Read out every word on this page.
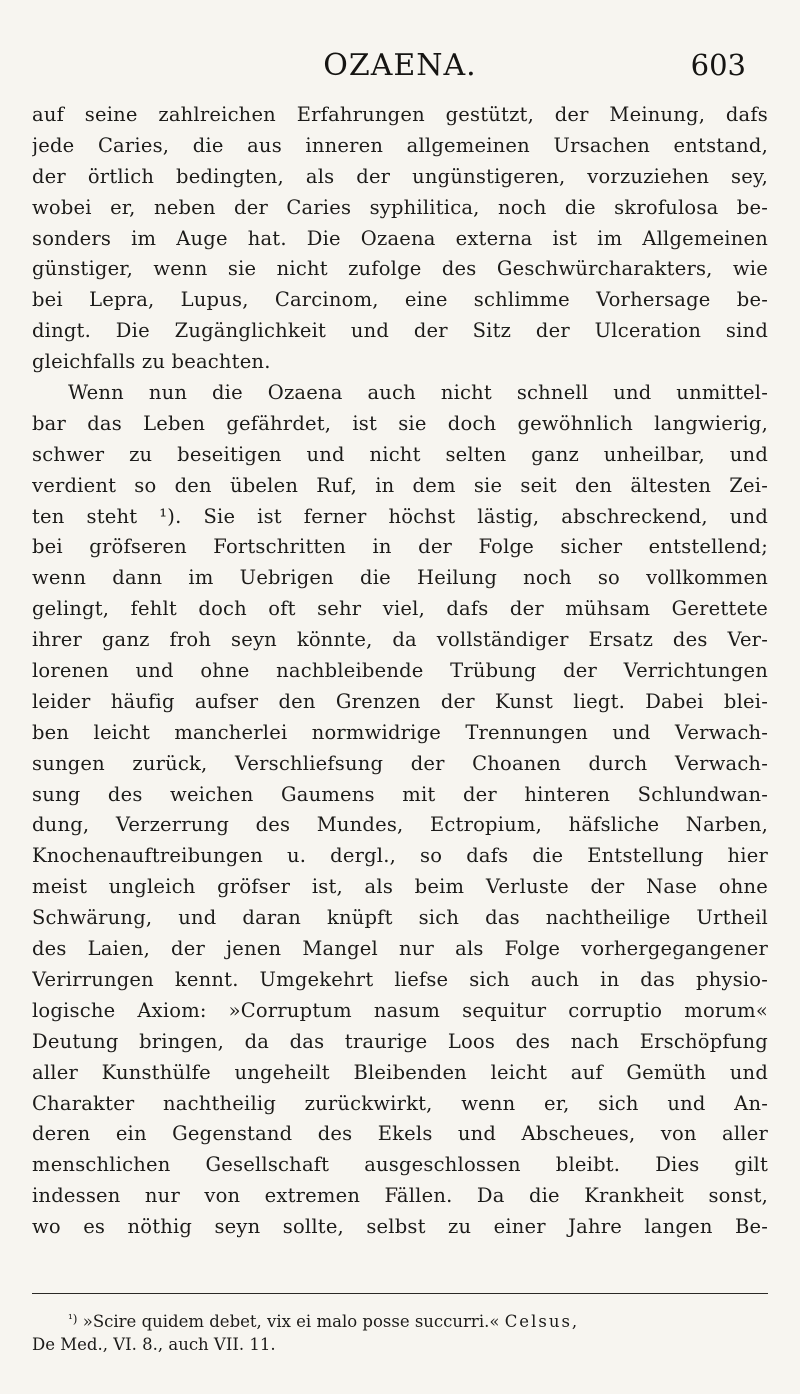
OZAENA.	603
auf seine zahlreichen Erfahrungen gestützt, der Meinung, dafs
jede Caries, die aus inneren allgemeinen Ursachen entstand,
der örtlich bedingten, als der ungünstigeren, vorzuziehen sey,
wobei er, neben der Caries syphilitica, noch die skrofulosa be-
sonders im Auge hat. Die Ozaena externa ist im Allgemeinen
günstiger, wenn sie nicht zufolge des Geschwürcharakters, wie
bei Lepra, Lupus, Carcinom, eine schlimme Vorhersage be-
dingt. Die Zugänglichkeit und der Sitz der Ulceration sind
gleichfalls zu beachten.
Wenn nun die Ozaena auch nicht schnell und unmittel-
bar das Leben gefährdet, ist sie doch gewöhnlich langwierig,
schwer zu beseitigen und nicht selten ganz unheilbar, und
verdient so den übelen Ruf, in dem sie seit den ältesten Zei-
ten steht ¹). Sie ist ferner höchst lästig, abschreckend, und
bei gröfseren Fortschritten in der Folge sicher entstellend;
wenn dann im Uebrigen die Heilung noch so vollkommen
gelingt, fehlt doch oft sehr viel, dafs der mühsam Gerettete
ihrer ganz froh seyn könnte, da vollständiger Ersatz des Ver-
lorenen und ohne nachbleibende Trübung der Verrichtungen
leider häufig aufser den Grenzen der Kunst liegt. Dabei blei-
ben leicht mancherlei normwidrige Trennungen und Verwach-
sungen zurück, Verschliefsung der Choanen durch Verwach-
sung des weichen Gaumens mit der hinteren Schlundwan-
dung, Verzerrung des Mundes, Ectropium, häfsliche Narben,
Knochenauftreibungen u. dergl., so dafs die Entstellung hier
meist ungleich gröfser ist, als beim Verluste der Nase ohne
Schwärung, und daran knüpft sich das nachtheilige Urtheil
des Laien, der jenen Mangel nur als Folge vorhergegangener
Verirrungen kennt. Umgekehrt liefse sich auch in das physio-
logische Axiom: »Corruptum nasum sequitur corruptio morum«
Deutung bringen, da das traurige Loos des nach Erschöpfung
aller Kunsthülfe ungeheilt Bleibenden leicht auf Gemüth und
Charakter nachtheilig zurückwirkt, wenn er, sich und An-
deren ein Gegenstand des Ekels und Abscheues, von aller
menschlichen Gesellschaft ausgeschlossen bleibt. Dies gilt
indessen nur von extremen Fällen. Da die Krankheit sonst,
wo es nöthig seyn sollte, selbst zu einer Jahre langen Be-
$^{^1)}$ »Scire quidem debet, vix ei malo posse succurri.« Celsus,
De Med., VI. 8., auch VII. 11.
